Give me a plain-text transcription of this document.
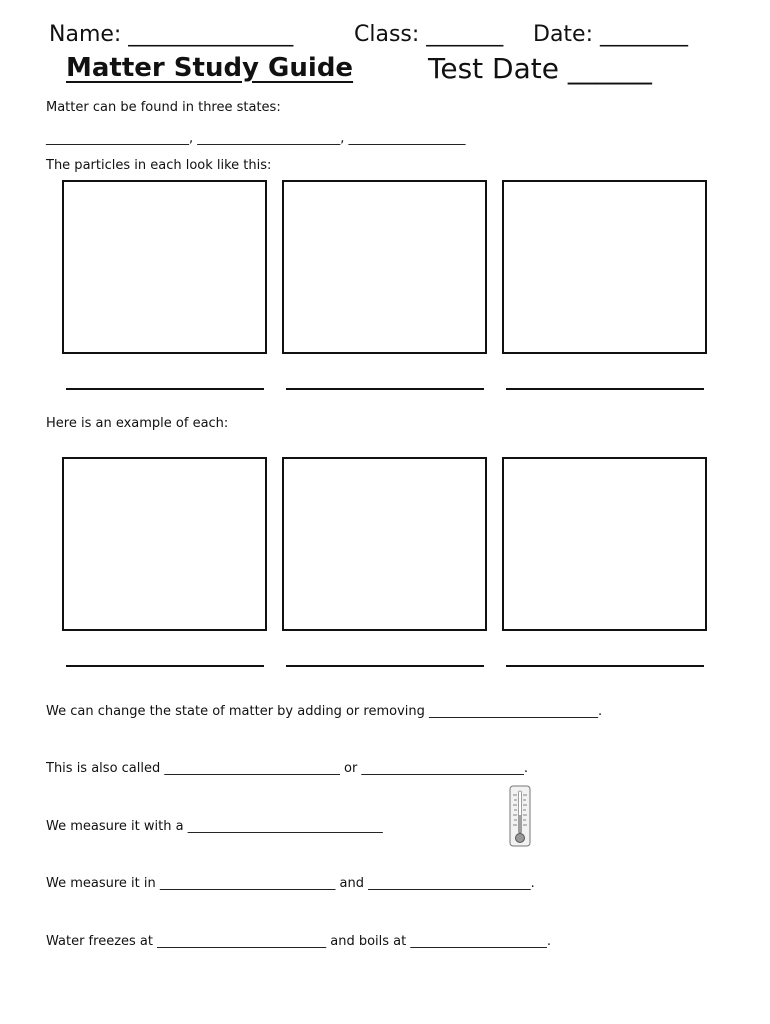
Name: _______________	Class: _______ Date: ________
Matter Study Guide	Test Date ______
Matter can be found in three states:
______________________, ______________________, __________________
The particles in each look like this:
Here is an example of each:
We can change the state of matter by adding or removing __________________________.
This is also called ___________________________ or _________________________.
We measure it with a ______________________________
We measure it in ___________________________ and _________________________.
Water freezes at __________________________ and boils at _____________________.
